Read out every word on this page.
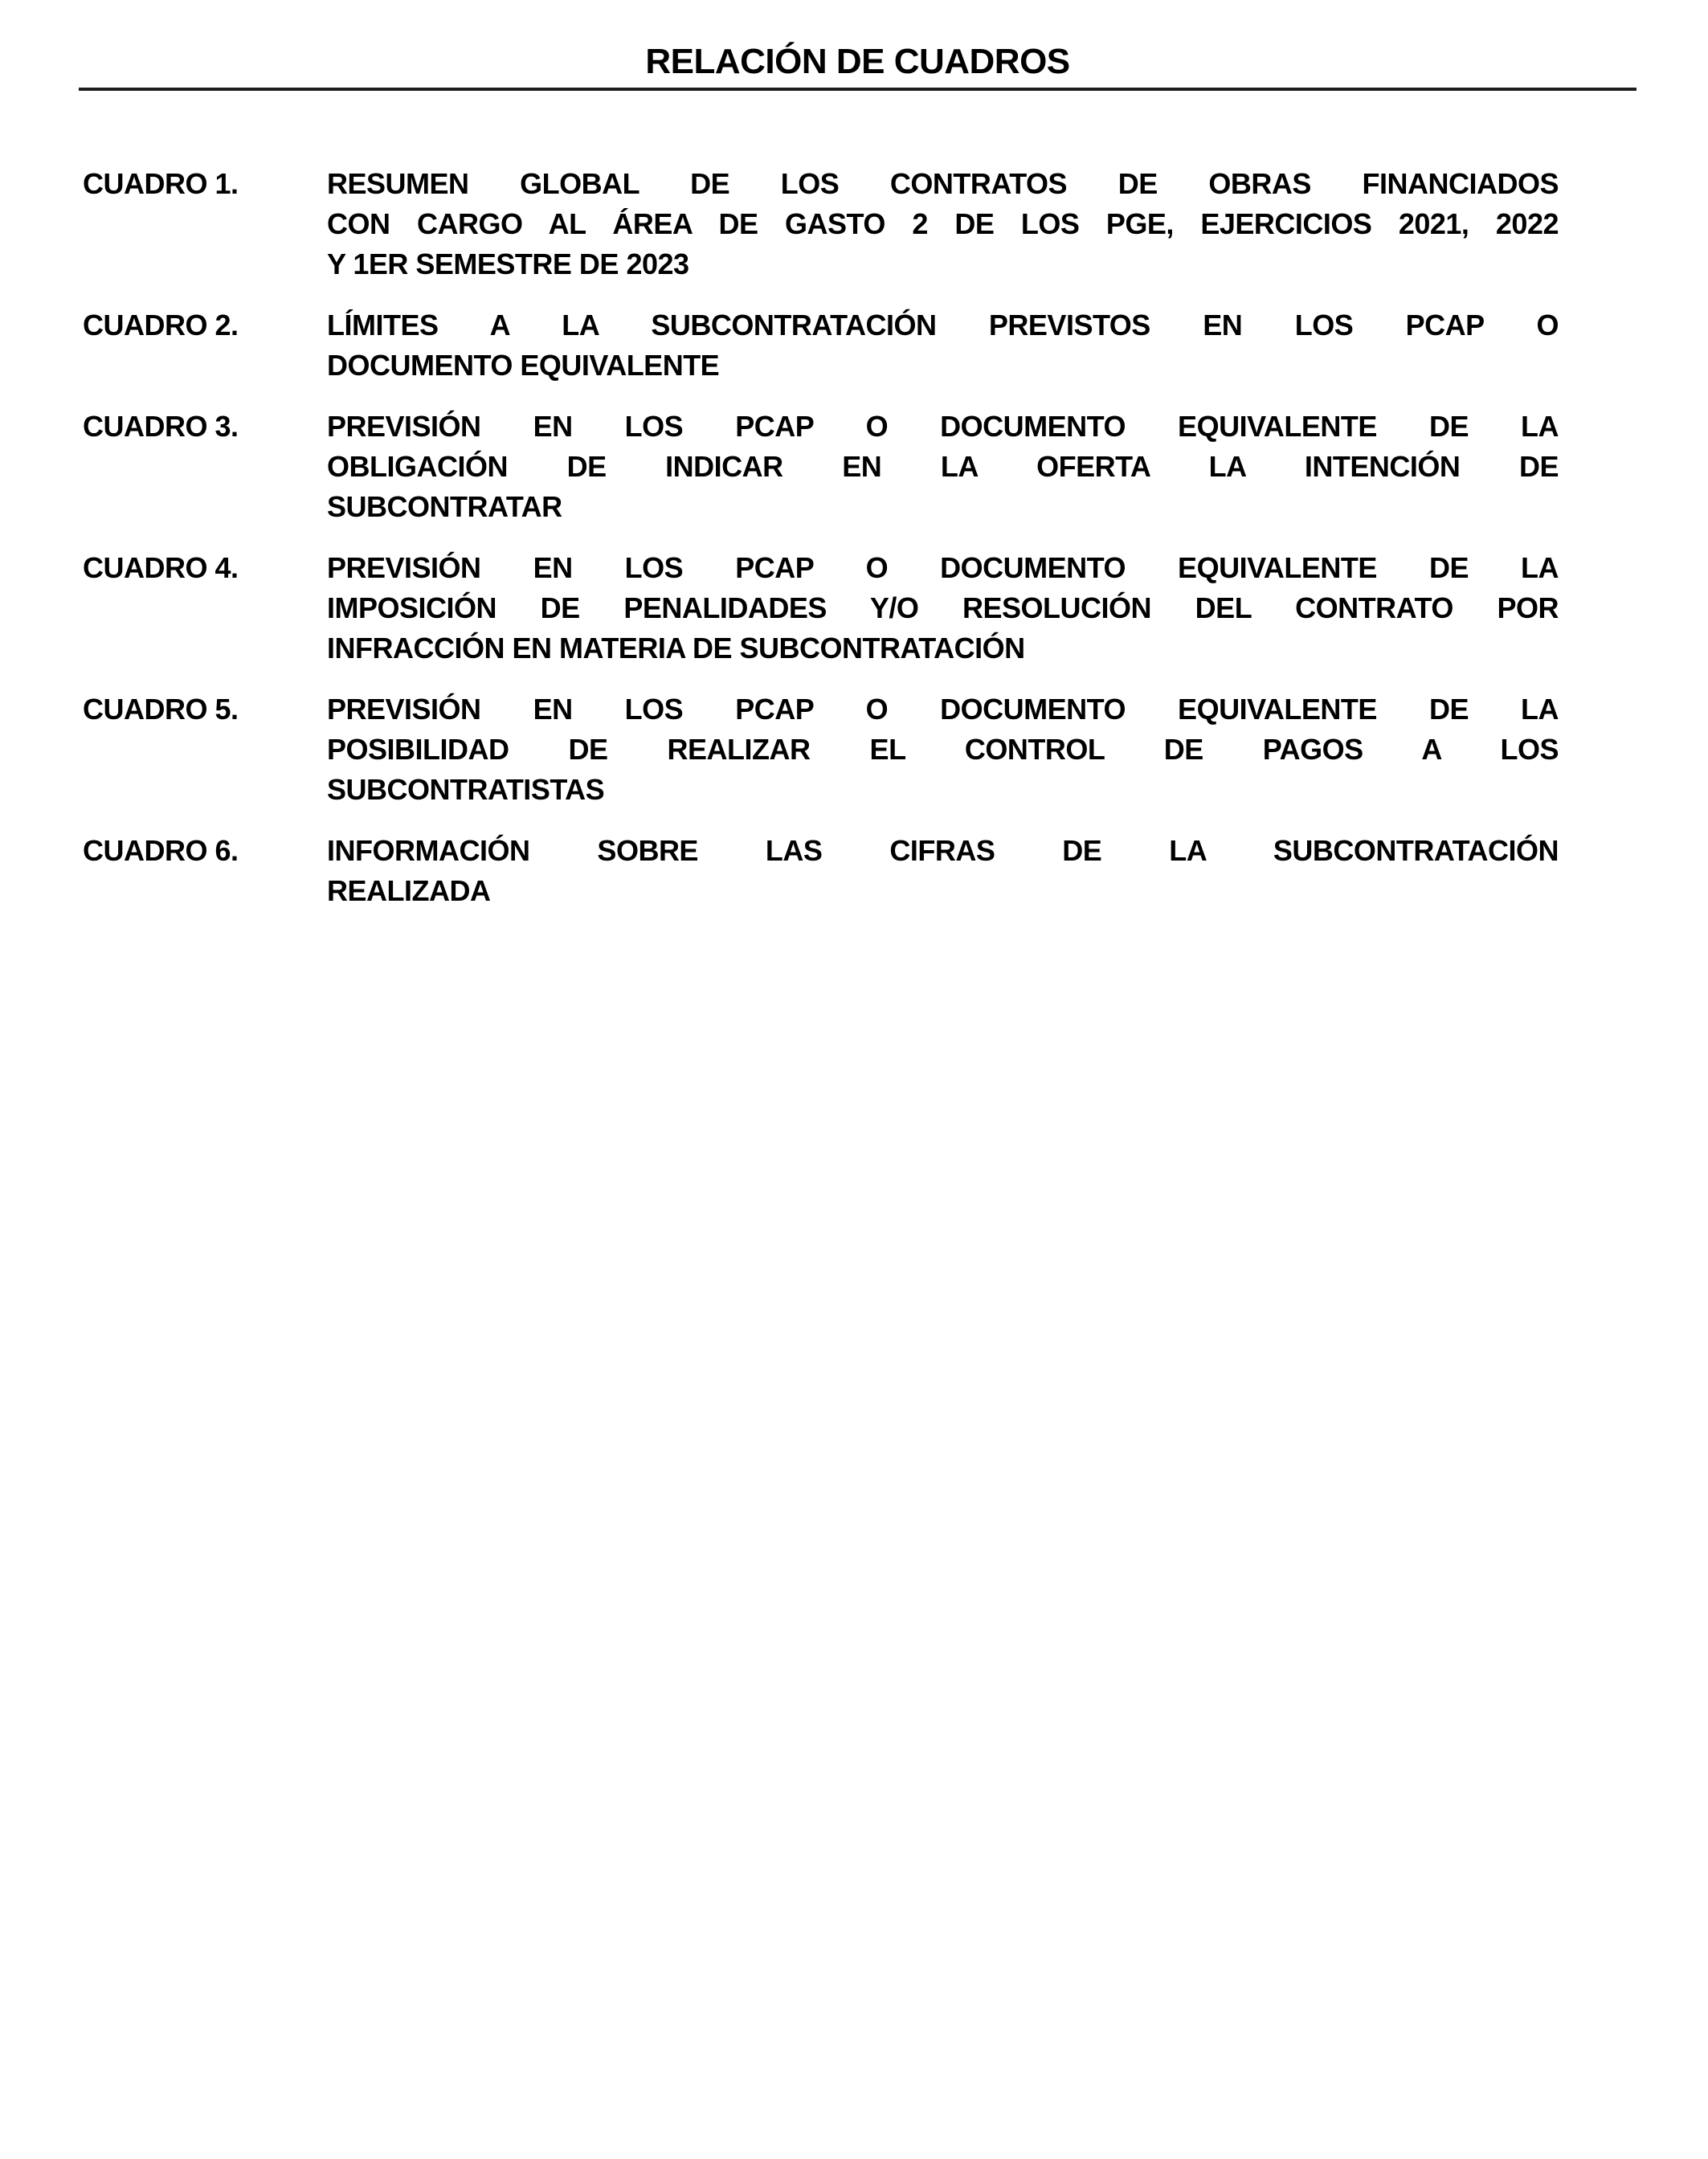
RELACIÓN DE CUADROS
CUADRO 1.	RESUMEN GLOBAL DE LOS CONTRATOS DE OBRAS FINANCIADOS
CON CARGO AL ÁREA DE GASTO 2 DE LOS PGE, EJERCICIOS 2021, 2022
Y 1ER SEMESTRE DE 2023
CUADRO 2.	LÍMITES A LA SUBCONTRATACIÓN PREVISTOS EN LOS PCAP O
DOCUMENTO EQUIVALENTE
CUADRO 3.	PREVISIÓN EN LOS PCAP O DOCUMENTO EQUIVALENTE DE LA
OBLIGACIÓN DE INDICAR EN LA OFERTA LA INTENCIÓN DE
SUBCONTRATAR
CUADRO 4.	PREVISIÓN EN LOS PCAP O DOCUMENTO EQUIVALENTE DE LA
IMPOSICIÓN DE PENALIDADES Y/O RESOLUCIÓN DEL CONTRATO POR
INFRACCIÓN EN MATERIA DE SUBCONTRATACIÓN
CUADRO 5.	PREVISIÓN EN LOS PCAP O DOCUMENTO EQUIVALENTE DE LA
POSIBILIDAD DE REALIZAR EL CONTROL DE PAGOS A LOS
SUBCONTRATISTAS
CUADRO 6.	INFORMACIÓN SOBRE LAS CIFRAS DE LA SUBCONTRATACIÓN
REALIZADA
